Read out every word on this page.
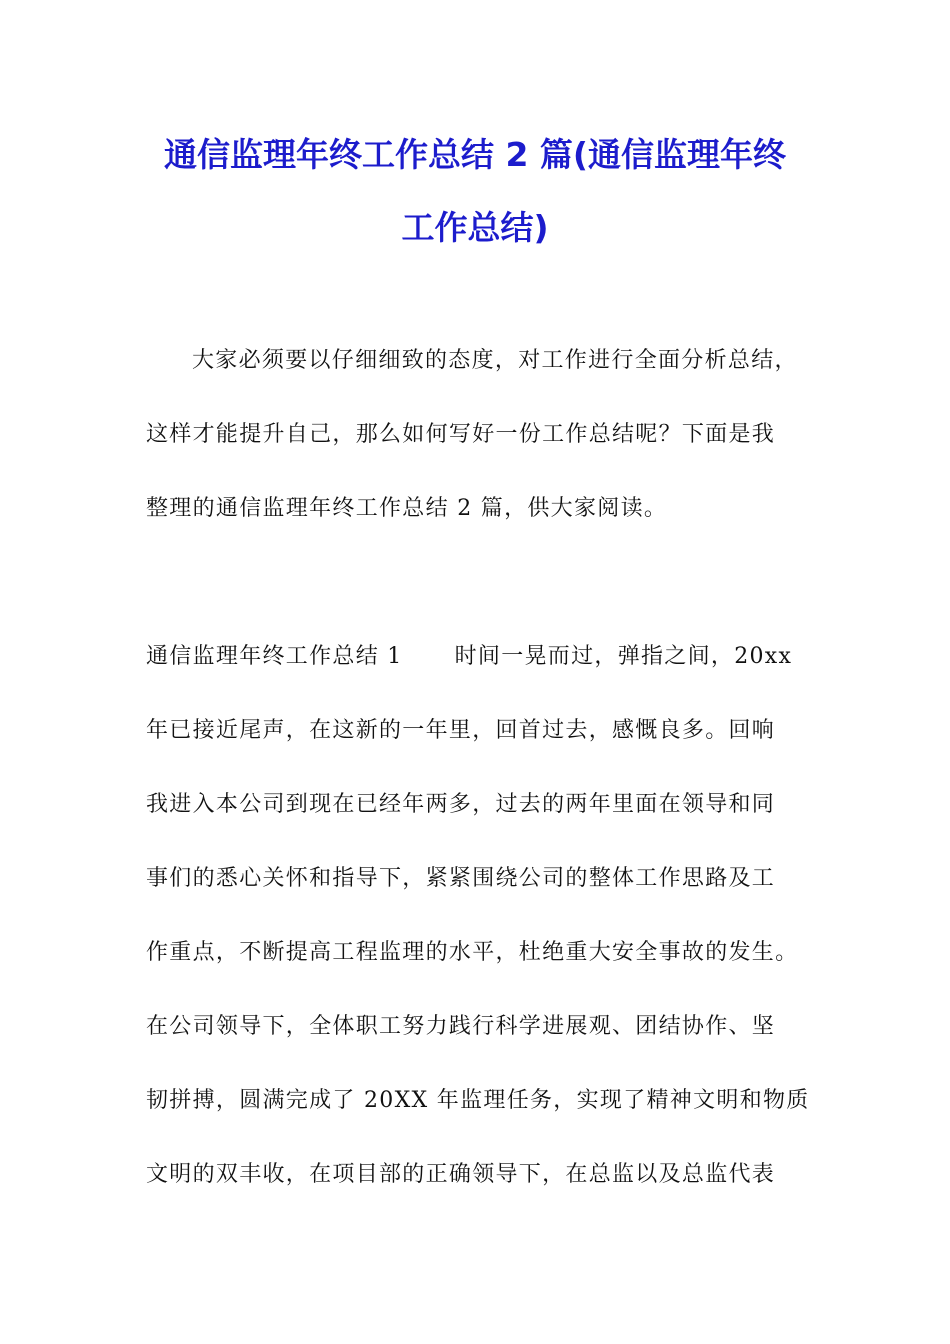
通信监理年终工作总结 2 篇(通信监理年终
工作总结)
大家必须要以仔细细致的态度，对工作进行全面分析总结，
这样才能提升自己，那么如何写好一份工作总结呢？下面是我
整理的通信监理年终工作总结 2 篇，供大家阅读。
通信监理年终工作总结 1 时间一晃而过，弹指之间，20xx
年已接近尾声，在这新的一年里，回首过去，感慨良多。回响
我进入本公司到现在已经年两多，过去的两年里面在领导和同
事们的悉心关怀和指导下，紧紧围绕公司的整体工作思路及工
作重点，不断提高工程监理的水平，杜绝重大安全事故的发生。
在公司领导下，全体职工努力践行科学进展观、团结协作、坚
韧拼搏，圆满完成了 20XX 年监理任务，实现了精神文明和物质
文明的双丰收，在项目部的正确领导下，在总监以及总监代表
